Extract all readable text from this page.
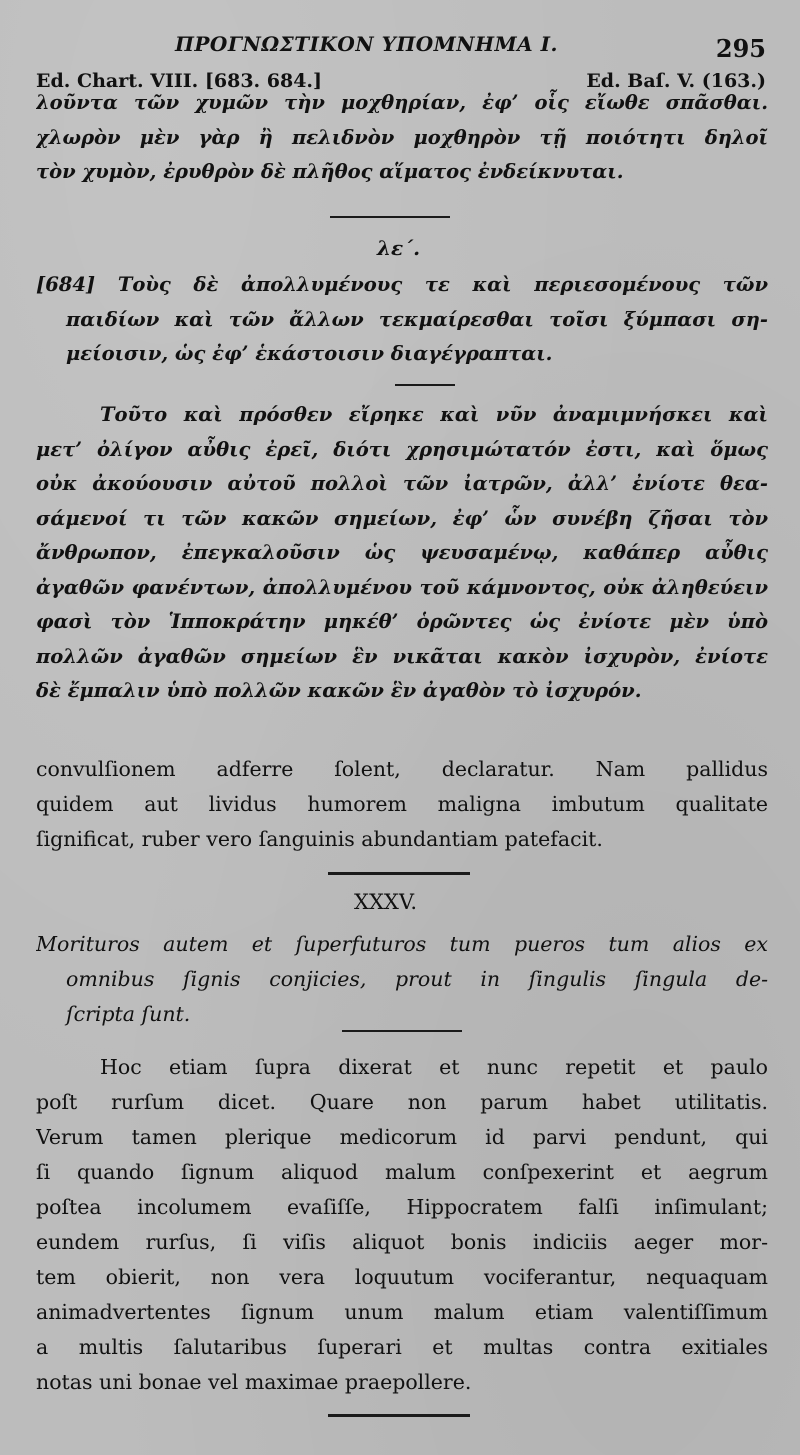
ΠΡΟΓΝΩΣΤΙΚΟΝ ΥΠΟΜΝΗΜΑ Ι.	295
Ed. Chart. VIII. [683. 684.]	Ed. Baſ. V. (163.)
λοῦντα τῶν χυμῶν τὴν μοχθηρίαν, ἐφ’ οἷς εἴωθε σπᾶσθαι.
χλωρὸν μὲν γὰρ ἢ πελιδνὸν μοχθηρὸν τῇ ποιότητι δηλοῖ
τὸν χυμὸν, ἐρυθρὸν δὲ πλῆθος αἵματος ἐνδείκνυται.
λε΄.
[684] Τοὺς δὲ ἀπολλυμένους τε καὶ περιεσομένους τῶν
παιδίων καὶ τῶν ἄλλων τεκμαίρεσθαι τοῖσι ξύμπασι ση-
μείοισιν, ὡς ἐφ’ ἑκάστοισιν διαγέγραπται.
Τοῦτο καὶ πρόσθεν εἴρηκε καὶ νῦν ἀναμιμνήσκει καὶ
μετ’ ὀλίγον αὖθις ἐρεῖ, διότι χρησιμώτατόν ἐστι, καὶ ὅμως
οὐκ ἀκούουσιν αὐτοῦ πολλοὶ τῶν ἰατρῶν, ἀλλ’ ἐνίοτε θεα-
σάμενοί τι τῶν κακῶν σημείων, ἐφ’ ὧν συνέβη ζῆσαι τὸν
ἄνθρωπον, ἐπεγκαλοῦσιν ὡς ψευσαμένῳ, καθάπερ αὖθις
ἀγαθῶν φανέντων, ἀπολλυμένου τοῦ κάμνοντος, οὐκ ἀληθεύειν
φασὶ τὸν Ἱπποκράτην μηκέθ’ ὁρῶντες ὡς ἐνίοτε μὲν ὑπὸ
πολλῶν ἀγαθῶν σημείων ἓν νικᾶται κακὸν ἰσχυρὸν, ἐνίοτε
δὲ ἔμπαλιν ὑπὸ πολλῶν κακῶν ἓν ἀγαθὸν τὸ ἰσχυρόν.
convulſionem adferre ſolent, declaratur. Nam pallidus
quidem aut lividus humorem maligna imbutum qualitate
ſignificat, ruber vero ſanguinis abundantiam patefacit.
XXXV.
Morituros autem et ſuperfuturos tum pueros tum alios ex
omnibus ſignis conjicies, prout in ſingulis ſingula de-
ſcripta ſunt.
Hoc etiam ſupra dixerat et nunc repetit et paulo
poſt rurſum dicet. Quare non parum habet utilitatis.
Verum tamen plerique medicorum id parvi pendunt, qui
ſi quando ſignum aliquod malum conſpexerint et aegrum
poſtea incolumem evaſiſſe, Hippocratem falſi inſimulant;
eundem rurſus, ſi viſis aliquot bonis indiciis aeger mor-
tem obierit, non vera loquutum vociferantur, nequaquam
animadvertentes ſignum unum malum etiam valentiſſimum
a multis ſalutaribus ſuperari et multas contra exitiales
notas uni bonae vel maximae praepollere.
